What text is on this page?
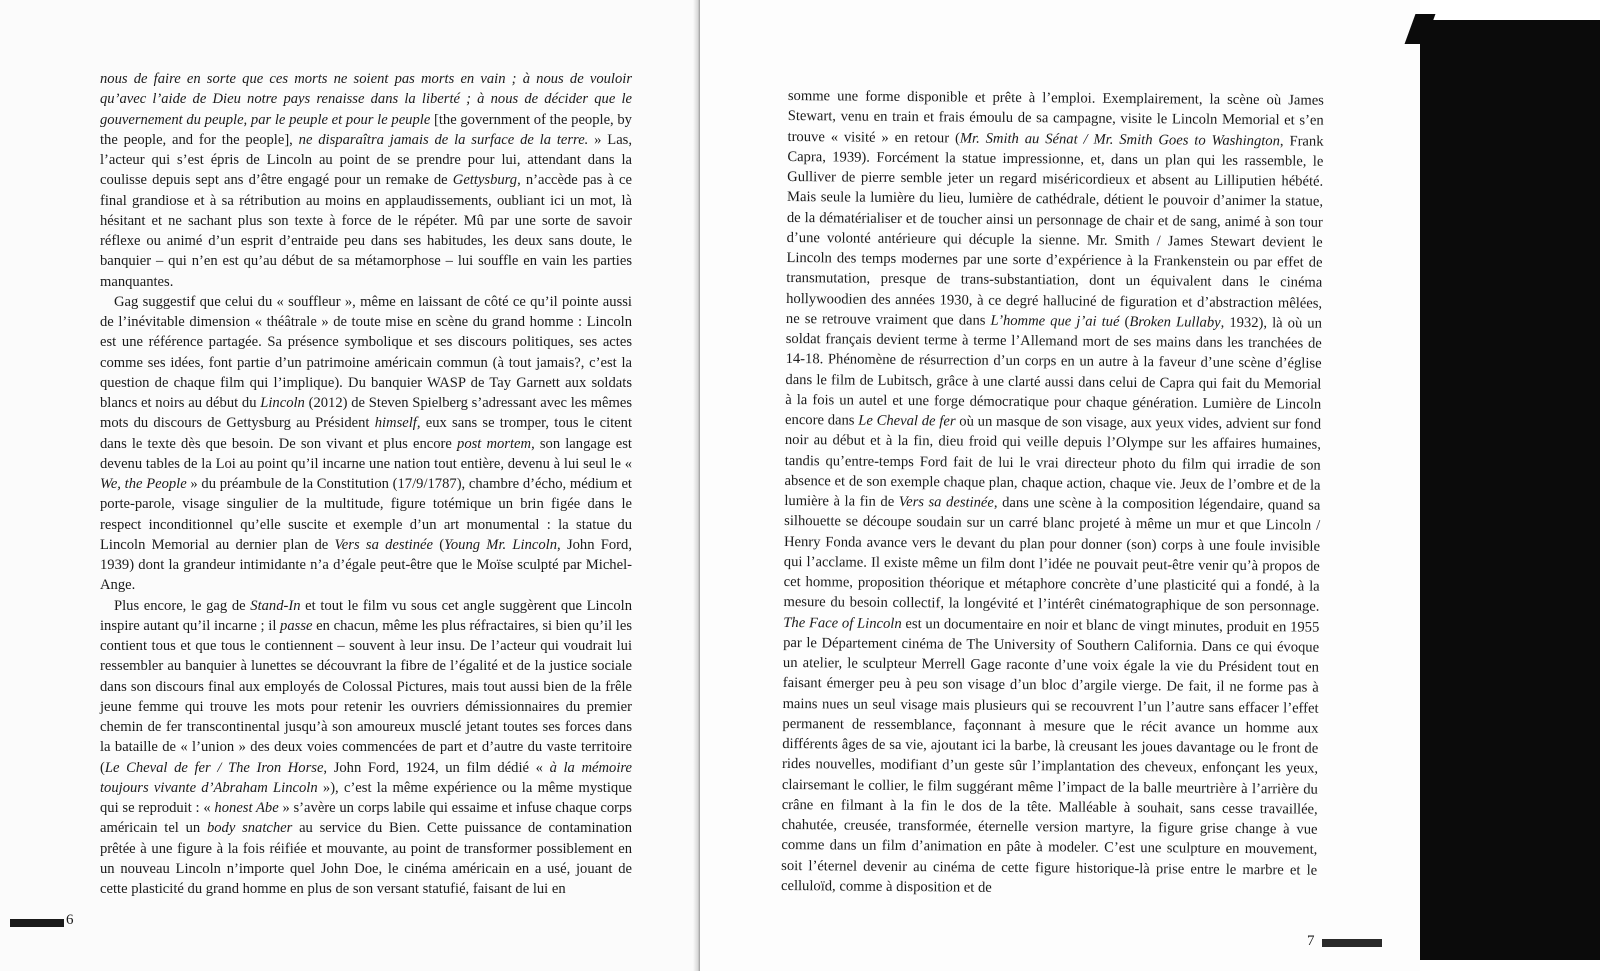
nous de faire en sorte que ces morts ne soient pas morts en vain ; à nous de vouloir qu’avec l’aide de Dieu notre pays renaisse dans la liberté ; à nous de décider que le gouvernement du peuple, par le peuple et pour le peuple [the government of the people, by the people, and for the people], ne disparaîtra jamais de la surface de la terre. » Las, l’acteur qui s’est épris de Lincoln au point de se prendre pour lui, attendant dans la coulisse depuis sept ans d’être engagé pour un remake de Gettysburg, n’accède pas à ce final grandiose et à sa rétribution au moins en applaudissements, oubliant ici un mot, là hésitant et ne sachant plus son texte à force de le répéter. Mû par une sorte de savoir réflexe ou animé d’un esprit d’entraide peu dans ses habitudes, les deux sans doute, le banquier – qui n’en est qu’au début de sa métamorphose – lui souffle en vain les parties manquantes.

Gag suggestif que celui du « souffleur », même en laissant de côté ce qu’il pointe aussi de l’inévitable dimension « théâtrale » de toute mise en scène du grand homme : Lincoln est une référence partagée. Sa présence symbolique et ses discours politiques, ses actes comme ses idées, font partie d’un patrimoine américain commun (à tout jamais?, c’est la question de chaque film qui l’implique). Du banquier WASP de Tay Garnett aux soldats blancs et noirs au début du Lincoln (2012) de Steven Spielberg s’adressant avec les mêmes mots du discours de Gettysburg au Président himself, eux sans se tromper, tous le citent dans le texte dès que besoin. De son vivant et plus encore post mortem, son langage est devenu tables de la Loi au point qu’il incarne une nation tout entière, devenu à lui seul le « We, the People » du préambule de la Constitution (17/9/1787), chambre d’écho, médium et porte-parole, visage singulier de la multitude, figure totémique un brin figée dans le respect inconditionnel qu’elle suscite et exemple d’un art monumental : la statue du Lincoln Memorial au dernier plan de Vers sa destinée (Young Mr. Lincoln, John Ford, 1939) dont la grandeur intimidante n’a d’égale peut-être que le Moïse sculpté par Michel-Ange.

Plus encore, le gag de Stand-In et tout le film vu sous cet angle suggèrent que Lincoln inspire autant qu’il incarne ; il passe en chacun, même les plus réfractaires, si bien qu’il les contient tous et que tous le contiennent – souvent à leur insu. De l’acteur qui voudrait lui ressembler au banquier à lunettes se découvrant la fibre de l’égalité et de la justice sociale dans son discours final aux employés de Colossal Pictures, mais tout aussi bien de la frêle jeune femme qui trouve les mots pour retenir les ouvriers démissionnaires du premier chemin de fer transcontinental jusqu’à son amoureux musclé jetant toutes ses forces dans la bataille de « l’union » des deux voies commencées de part et d’autre du vaste territoire (Le Cheval de fer / The Iron Horse, John Ford, 1924, un film dédié « à la mémoire toujours vivante d’Abraham Lincoln »), c’est la même expérience ou la même mystique qui se reproduit : « honest Abe » s’avère un corps labile qui essaime et infuse chaque corps américain tel un body snatcher au service du Bien. Cette puissance de contamination prêtée à une figure à la fois réifiée et mouvante, au point de transformer possiblement en un nouveau Lincoln n’importe quel John Doe, le cinéma américain en a usé, jouant de cette plasticité du grand homme en plus de son versant statufié, faisant de lui en

6

somme une forme disponible et prête à l’emploi. Exemplairement, la scène où James Stewart, venu en train et frais émoulu de sa campagne, visite le Lincoln Memorial et s’en trouve « visité » en retour (Mr. Smith au Sénat / Mr. Smith Goes to Washington, Frank Capra, 1939). Forcément la statue impressionne, et, dans un plan qui les rassemble, le Gulliver de pierre semble jeter un regard miséricordieux et absent au Lilliputien hébété. Mais seule la lumière du lieu, lumière de cathédrale, détient le pouvoir d’animer la statue, de la dématérialiser et de toucher ainsi un personnage de chair et de sang, animé à son tour d’une volonté antérieure qui décuple la sienne. Mr. Smith / James Stewart devient le Lincoln des temps modernes par une sorte d’expérience à la Frankenstein ou par effet de transmutation, presque de trans-substantiation, dont un équivalent dans le cinéma hollywoodien des années 1930, à ce degré halluciné de figuration et d’abstraction mêlées, ne se retrouve vraiment que dans L’homme que j’ai tué (Broken Lullaby, 1932), là où un soldat français devient terme à terme l’Allemand mort de ses mains dans les tranchées de 14-18. Phénomène de résurrection d’un corps en un autre à la faveur d’une scène d’église dans le film de Lubitsch, grâce à une clarté aussi dans celui de Capra qui fait du Memorial à la fois un autel et une forge démocratique pour chaque génération. Lumière de Lincoln encore dans Le Cheval de fer où un masque de son visage, aux yeux vides, advient sur fond noir au début et à la fin, dieu froid qui veille depuis l’Olympe sur les affaires humaines, tandis qu’entre-temps Ford fait de lui le vrai directeur photo du film qui irradie de son absence et de son exemple chaque plan, chaque action, chaque vie. Jeux de l’ombre et de la lumière à la fin de Vers sa destinée, dans une scène à la composition légendaire, quand sa silhouette se découpe soudain sur un carré blanc projeté à même un mur et que Lincoln / Henry Fonda avance vers le devant du plan pour donner (son) corps à une foule invisible qui l’acclame. Il existe même un film dont l’idée ne pouvait peut-être venir qu’à propos de cet homme, proposition théorique et métaphore concrète d’une plasticité qui a fondé, à la mesure du besoin collectif, la longévité et l’intérêt cinématographique de son personnage. The Face of Lincoln est un documentaire en noir et blanc de vingt minutes, produit en 1955 par le Département cinéma de The University of Southern California. Dans ce qui évoque un atelier, le sculpteur Merrell Gage raconte d’une voix égale la vie du Président tout en faisant émerger peu à peu son visage d’un bloc d’argile vierge. De fait, il ne forme pas à mains nues un seul visage mais plusieurs qui se recouvrent l’un l’autre sans effacer l’effet permanent de ressemblance, façonnant à mesure que le récit avance un homme aux différents âges de sa vie, ajoutant ici la barbe, là creusant les joues davantage ou le front de rides nouvelles, modifiant d’un geste sûr l’implantation des cheveux, enfonçant les yeux, clairsemant le collier, le film suggérant même l’impact de la balle meurtrière à l’arrière du crâne en filmant à la fin le dos de la tête. Malléable à souhait, sans cesse travaillée, chahutée, creusée, transformée, éternelle version martyre, la figure grise change à vue comme dans un film d’animation en pâte à modeler. C’est une sculpture en mouvement, soit l’éternel devenir au cinéma de cette figure historique-là prise entre le marbre et le celluloïd, comme à disposition et de

7
